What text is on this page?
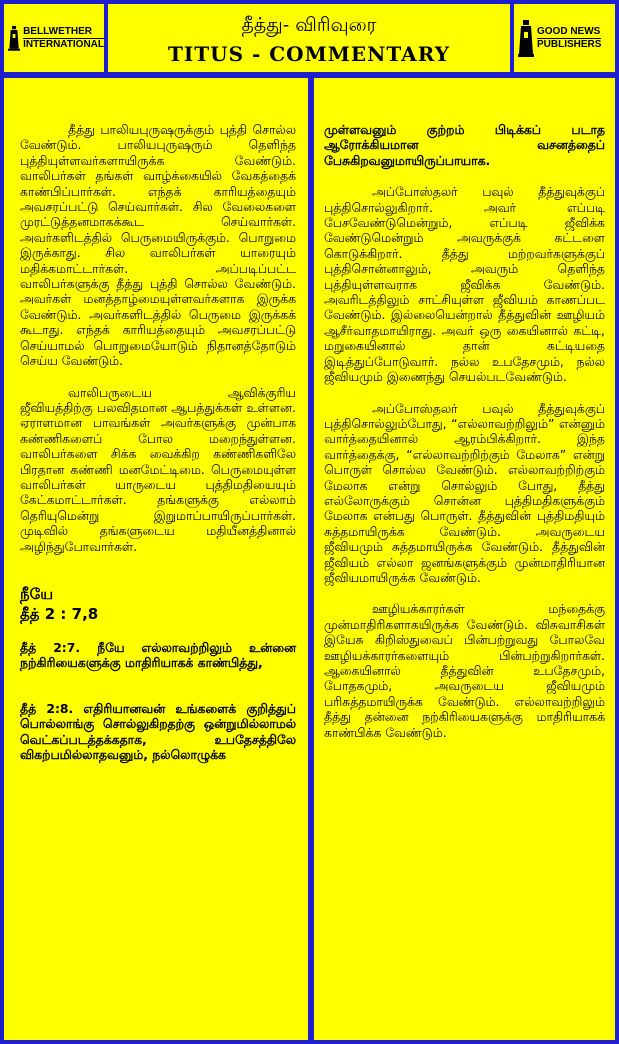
BELLWETHER
INTERNATIONAL
தீத்து- விரிவுரை
TITUS - COMMENTARY
GOOD NEWS
PUBLISHERS

தீத்து பாலியபுருஷருக்கும் புத்தி சொல்ல வேண்டும். பாலியபுருஷரும் தெளிந்த புத்தியுள்ளவர்களாயிருக்க வேண்டும். வாலிபர்கள் தங்கள் வாழ்க்கையில் வேகத்தைக் காண்பிப்பார்கள். எந்தக் காரியத்தையும் அவசரப்பட்டு செய்வார்கள். சில வேலைகளை முரட்டுத்தனமாகக்கூட செய்வார்கள். அவர்களிடத்தில் பெருமையிருக்கும். பொறுமை இருக்காது. சில வாலிபர்கள் யாரையும் மதிக்கமாட்டார்கள். அப்படிப்பட்ட வாலிபர்களுக்கு தீத்து புத்தி சொல்ல வேண்டும். அவர்கள் மனத்தாழ்மையுள்ளவர்களாக இருக்க வேண்டும். அவர்களிடத்தில் பெருமை இருக்கக் கூடாது. எந்தக் காரியத்தையும் அவசரப்பட்டு செய்யாமல் பொறுமையோடும் நிதானத்தோடும் செய்ய வேண்டும்.

வாலிபருடைய ஆவிக்குரிய ஜீவியத்திற்கு பலவிதமான ஆபத்துக்கள் உள்ளன. ஏராளமான பாவங்கள் அவர்களுக்கு முன்பாக கண்ணிகளைப் போல மறைந்துள்ளன. வாலிபர்களை சிக்க வைக்கிற கண்ணிகளிலே பிரதான கண்ணி மனமேட்டிமை. பெருமையுள்ள வாலிபர்கள் யாருடைய புத்திமதியையும் கேட்கமாட்டார்கள். தங்களுக்கு எல்லாம் தெரியுமென்று இறுமாப்பாயிருப்பார்கள். முடிவில் தங்களுடைய மதியீனத்தினால் அழிந்துபோவார்கள்.

நீயே
தீத் 2 : 7,8

தீத் 2:7. நீயே எல்லாவற்றிலும் உன்னை நற்கிரியைகளுக்கு மாதிரியாகக் காண்பித்து,

தீத் 2:8. எதிரியானவன் உங்களைக் குறித்துப் பொல்லாங்கு சொல்லுகிறதற்கு ஒன்றுமில்லாமல் வெட்கப்படத்தக்கதாக, உபதேசத்திலே விகற்பமில்லாதவனும், நல்லொழுக்க

முள்ளவனும் குற்றம் பிடிக்கப் படாத ஆரோக்கியமான வசனத்தைப் பேசுகிறவனுமாயிருப்பாயாக.

அப்போஸ்தலர் பவுல் தீத்துவுக்குப் புத்திசொல்லுகிறார். அவர் எப்படி பேசவேண்டுமென்றும், எப்படி ஜீவிக்க வேண்டுமென்றும் அவருக்குக் கட்டளை கொடுக்கிறார். தீத்து மற்றவர்களுக்குப் புத்திசொன்னாலும், அவரும் தெளிந்த புத்தியுள்ளவராக ஜீவிக்க வேண்டும். அவரிடத்திலும் சாட்சியுள்ள ஜீவியம் காணப்பட வேண்டும். இல்லையென்றால் தீத்துவின் ஊழியம் ஆசீர்வாதமாயிராது. அவர் ஒரு கையினால் கட்டி, மறுகையினால் தான் கட்டியதை இடித்துப்போடுவார். நல்ல உபதேசமும், நல்ல ஜீவியமும் இணைந்து செயல்படவேண்டும்.

அப்போஸ்தலர் பவுல் தீத்துவுக்குப் புத்திசொல்லும்போது, “எல்லாவற்றிலும்” என்னும் வார்த்தையினால் ஆரம்பிக்கிறார். இந்த வார்த்தைக்கு, “எல்லாவற்றிற்கும் மேலாக” என்று பொருள் சொல்ல வேண்டும். எல்லாவற்றிற்கும் மேலாக என்று சொல்லும் போது, தீத்து எல்லோருக்கும் சொன்ன புத்திமதிகளுக்கும் மேலாக என்பது பொருள். தீத்துவின் புத்திமதியும் சுத்தமாயிருக்க வேண்டும். அவருடைய ஜீவியமும் சுத்தமாயிருக்க வேண்டும். தீத்துவின் ஜீவியம் எல்லா ஜனங்களுக்கும் முன்மாதிரியான ஜீவியமாயிருக்க வேண்டும்.

ஊழியக்காரர்கள் மந்தைக்கு முன்மாதிரிகளாகயிருக்க வேண்டும். விசுவாசிகள் இயேசு கிறிஸ்துவைப் பின்பற்றுவது போலவே ஊழியக்காரர்களையும் பின்பற்றுகிறார்கள். ஆகையினால் தீத்துவின் உபதேசமும், போதகமும், அவருடைய ஜீவியமும் பரிசுத்தமாயிருக்க வேண்டும். எல்லாவற்றிலும் தீத்து தன்னை நற்கிரியைகளுக்கு மாதிரியாகக் காண்பிக்க வேண்டும்.
